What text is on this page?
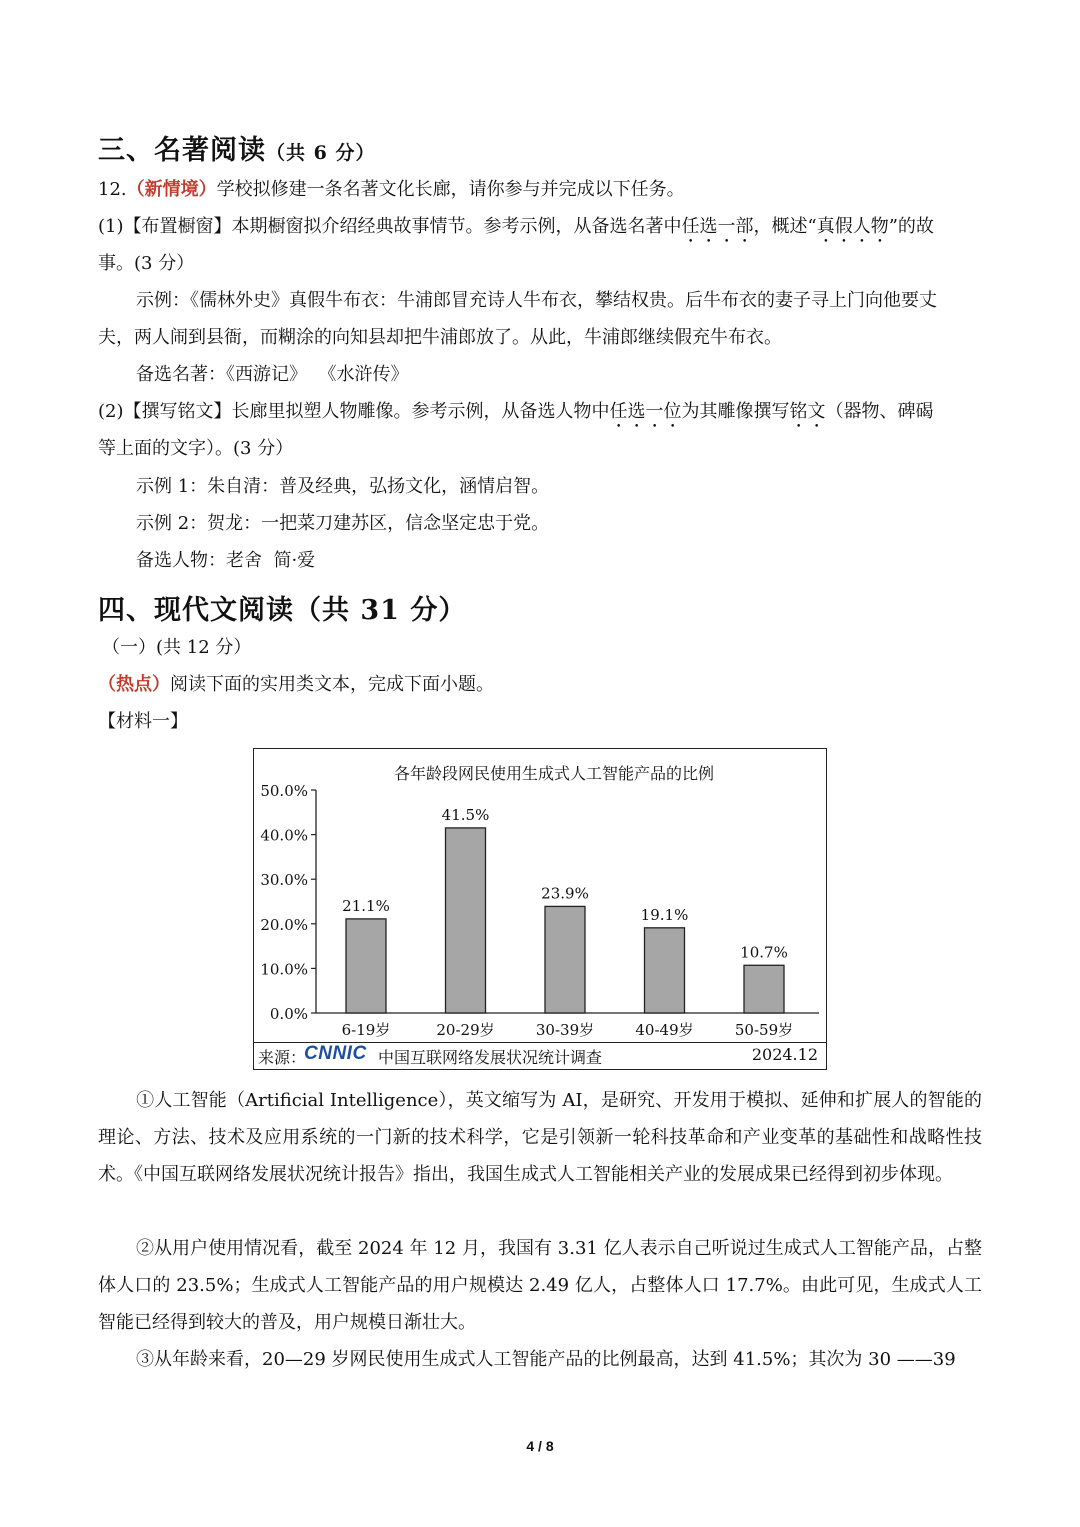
三、名著阅读（共 6 分）
12.（新情境）学校拟修建一条名著文化长廊，请你参与并完成以下任务。
(1)【布置橱窗】本期橱窗拟介绍经典故事情节。参考示例，从备选名著中任选一部，概述“真假人物”的故
事。(3 分）
示例：《儒林外史》真假牛布衣：牛浦郎冒充诗人牛布衣，攀结权贵。后牛布衣的妻子寻上门向他要丈
夫，两人闹到县衙，而糊涂的向知县却把牛浦郎放了。从此，牛浦郎继续假充牛布衣。
备选名著：《西游记》  《水浒传》
(2)【撰写铭文】长廊里拟塑人物雕像。参考示例，从备选人物中任选一位为其雕像撰写铭文（器物、碑碣
等上面的文字）。(3 分）
示例 1：朱自清：普及经典，弘扬文化，涵情启智。
示例 2：贺龙：一把菜刀建苏区，信念坚定忠于党。
备选人物：老舍  简·爱
四、现代文阅读（共 31 分）
（一）(共 12 分）
（热点）阅读下面的实用类文本，完成下面小题。
【材料一】
各年龄段网民使用生成式人工智能产品的比例
0.0%
10.0%
20.0%
30.0%
40.0%
50.0%
21.1%
6-19岁
41.5%
20-29岁
23.9%
30-39岁
19.1%
40-49岁
10.7%
50-59岁
来源：
CNNIC 中国互联网络发展状况统计调查	2024.12
①人工智能（Artificial Intelligence），英文缩写为 AI，是研究、开发用于模拟、延伸和扩展人的智能的理论、方法、技术及应用系统的一门新的技术科学，它是引领新一轮科技革命和产业变革的基础性和战略性技术。《中国互联网络发展状况统计报告》指出，我国生成式人工智能相关产业的发展成果已经得到初步体现。
②从用户使用情况看，截至 2024 年 12 月，我国有 3.31 亿人表示自己听说过生成式人工智能产品，占整体人口的 23.5%；生成式人工智能产品的用户规模达 2.49 亿人，占整体人口 17.7%。由此可见，生成式人工智能已经得到较大的普及，用户规模日渐壮大。
③从年龄来看，20—29 岁网民使用生成式人工智能产品的比例最高，达到 41.5%；其次为 30 ——39
4 / 8
